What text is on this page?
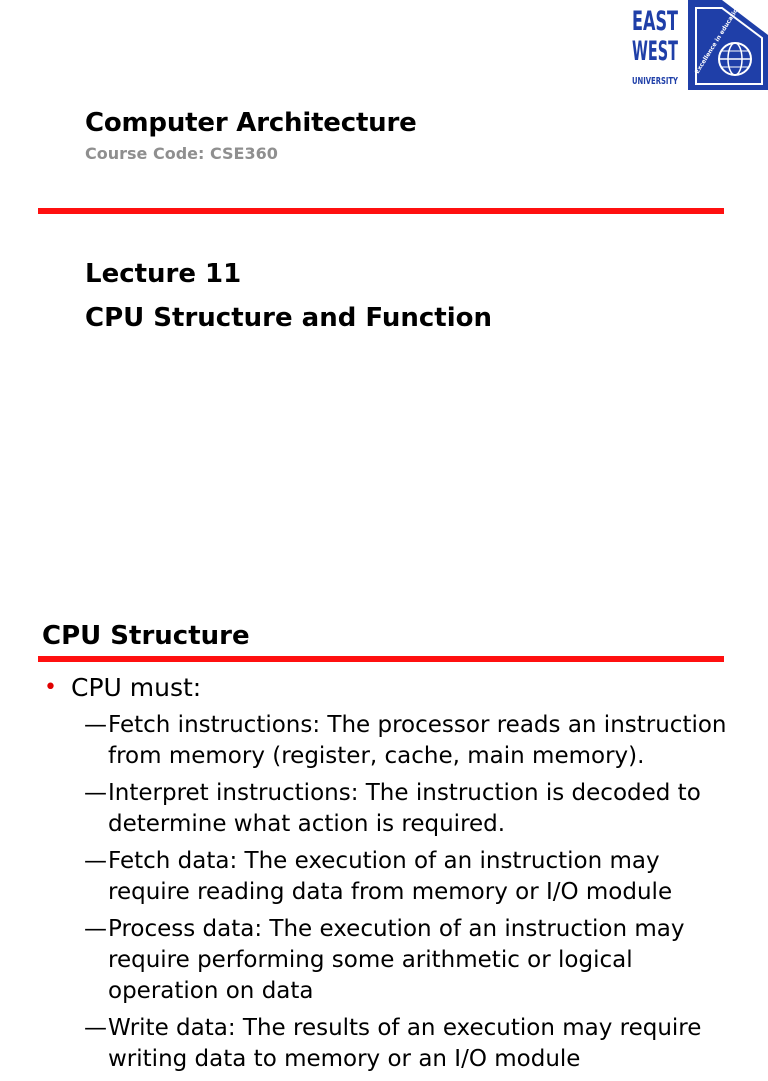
EAST
WEST
UNIVERSITY
Computer Architecture
Course Code: CSE360
Lecture 11
CPU Structure and Function
CPU Structure
• CPU must:
— Fetch instructions: The processor reads an instruction from memory (register, cache, main memory).
— Interpret instructions: The instruction is decoded to determine what action is required.
— Fetch data: The execution of an instruction may require reading data from memory or I/O module
— Process data: The execution of an instruction may require performing some arithmetic or logical operation on data
— Write data: The results of an execution may require writing data to memory or an I/O module
